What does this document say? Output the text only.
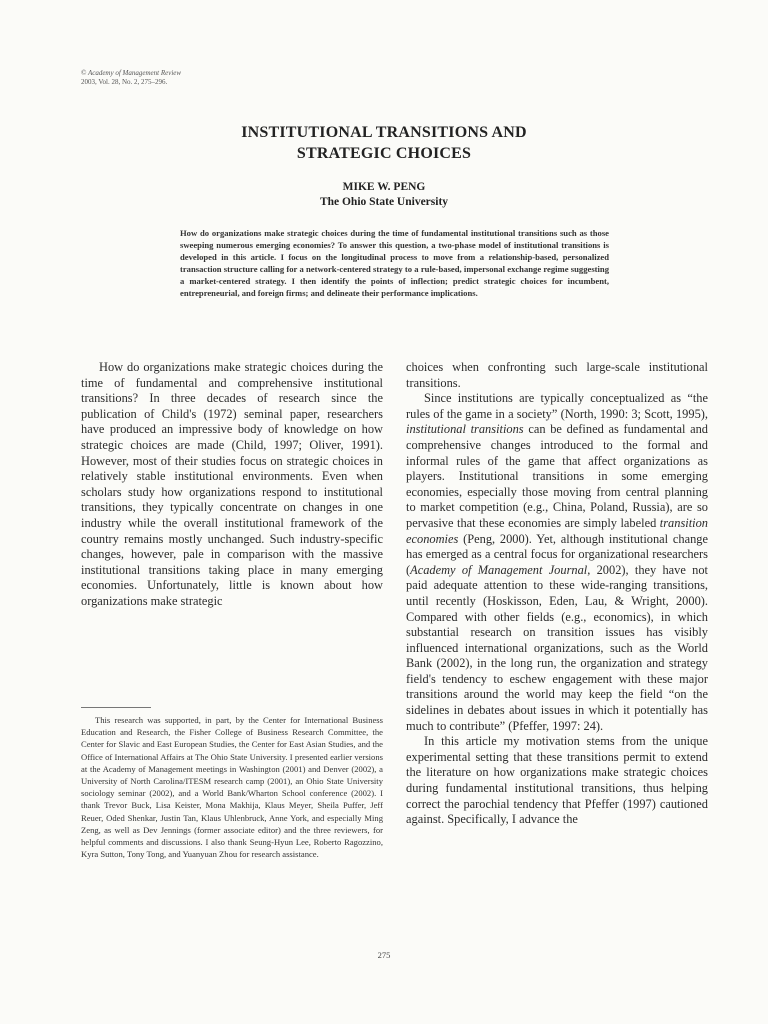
© Academy of Management Review
2003, Vol. 28, No. 2, 275–296.
INSTITUTIONAL TRANSITIONS AND
STRATEGIC CHOICES
MIKE W. PENG
The Ohio State University
How do organizations make strategic choices during the time of fundamental institutional transitions such as those sweeping numerous emerging economies? To answer this question, a two-phase model of institutional transitions is developed in this article. I focus on the longitudinal process to move from a relationship-based, personalized transaction structure calling for a network-centered strategy to a rule-based, impersonal exchange regime suggesting a market-centered strategy. I then identify the points of inflection; predict strategic choices for incumbent, entrepreneurial, and foreign firms; and delineate their performance implications.

How do organizations make strategic choices during the time of fundamental and comprehensive institutional transitions? In three decades of research since the publication of Child's (1972) seminal paper, researchers have produced an impressive body of knowledge on how strategic choices are made (Child, 1997; Oliver, 1991). However, most of their studies focus on strategic choices in relatively stable institutional environments. Even when scholars study how organizations respond to institutional transitions, they typically concentrate on changes in one industry while the overall institutional framework of the country remains mostly unchanged. Such industry-specific changes, however, pale in comparison with the massive institutional transitions taking place in many emerging economies. Unfortunately, little is known about how organizations make strategic

choices when confronting such large-scale institutional transitions.

Since institutions are typically conceptualized as “the rules of the game in a society” (North, 1990: 3; Scott, 1995), institutional transitions can be defined as fundamental and comprehensive changes introduced to the formal and informal rules of the game that affect organizations as players. Institutional transitions in some emerging economies, especially those moving from central planning to market competition (e.g., China, Poland, Russia), are so pervasive that these economies are simply labeled transition economies (Peng, 2000). Yet, although institutional change has emerged as a central focus for organizational researchers (Academy of Management Journal, 2002), they have not paid adequate attention to these wide-ranging transitions, until recently (Hoskisson, Eden, Lau, & Wright, 2000). Compared with other fields (e.g., economics), in which substantial research on transition issues has visibly influenced international organizations, such as the World Bank (2002), in the long run, the organization and strategy field's tendency to eschew engagement with these major transitions around the world may keep the field “on the sidelines in debates about issues in which it potentially has much to contribute” (Pfeffer, 1997: 24).

In this article my motivation stems from the unique experimental setting that these transitions permit to extend the literature on how organizations make strategic choices during fundamental institutional transitions, thus helping correct the parochial tendency that Pfeffer (1997) cautioned against. Specifically, I advance the

This research was supported, in part, by the Center for International Business Education and Research, the Fisher College of Business Research Committee, the Center for Slavic and East European Studies, the Center for East Asian Studies, and the Office of International Affairs at The Ohio State University. I presented earlier versions at the Academy of Management meetings in Washington (2001) and Denver (2002), a University of North Carolina/ITESM research camp (2001), an Ohio State University sociology seminar (2002), and a World Bank/Wharton School conference (2002). I thank Trevor Buck, Lisa Keister, Mona Makhija, Klaus Meyer, Sheila Puffer, Jeff Reuer, Oded Shenkar, Justin Tan, Klaus Uhlenbruck, Anne York, and especially Ming Zeng, as well as Dev Jennings (former associate editor) and the three reviewers, for helpful comments and discussions. I also thank Seung-Hyun Lee, Roberto Ragozzino, Kyra Sutton, Tony Tong, and Yuanyuan Zhou for research assistance.

275
